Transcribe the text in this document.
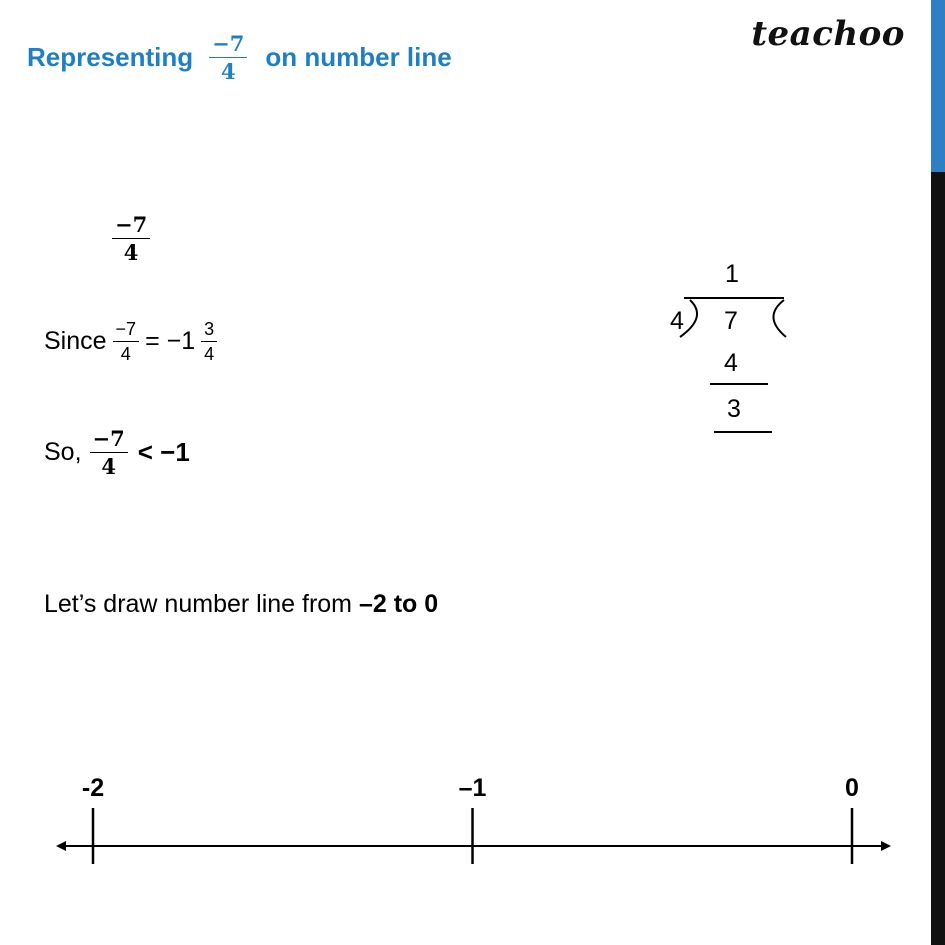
Representing $\frac{-7}{4}$ on number line
teachoo
$\frac{-7}{4}$
Since $\frac{-7}{4} = -1 \frac{3}{4}$
So, $\frac{-7}{4} < -1$
Let’s draw number line from –2 to 0
1
4 7
4
3
-2	–1	0
